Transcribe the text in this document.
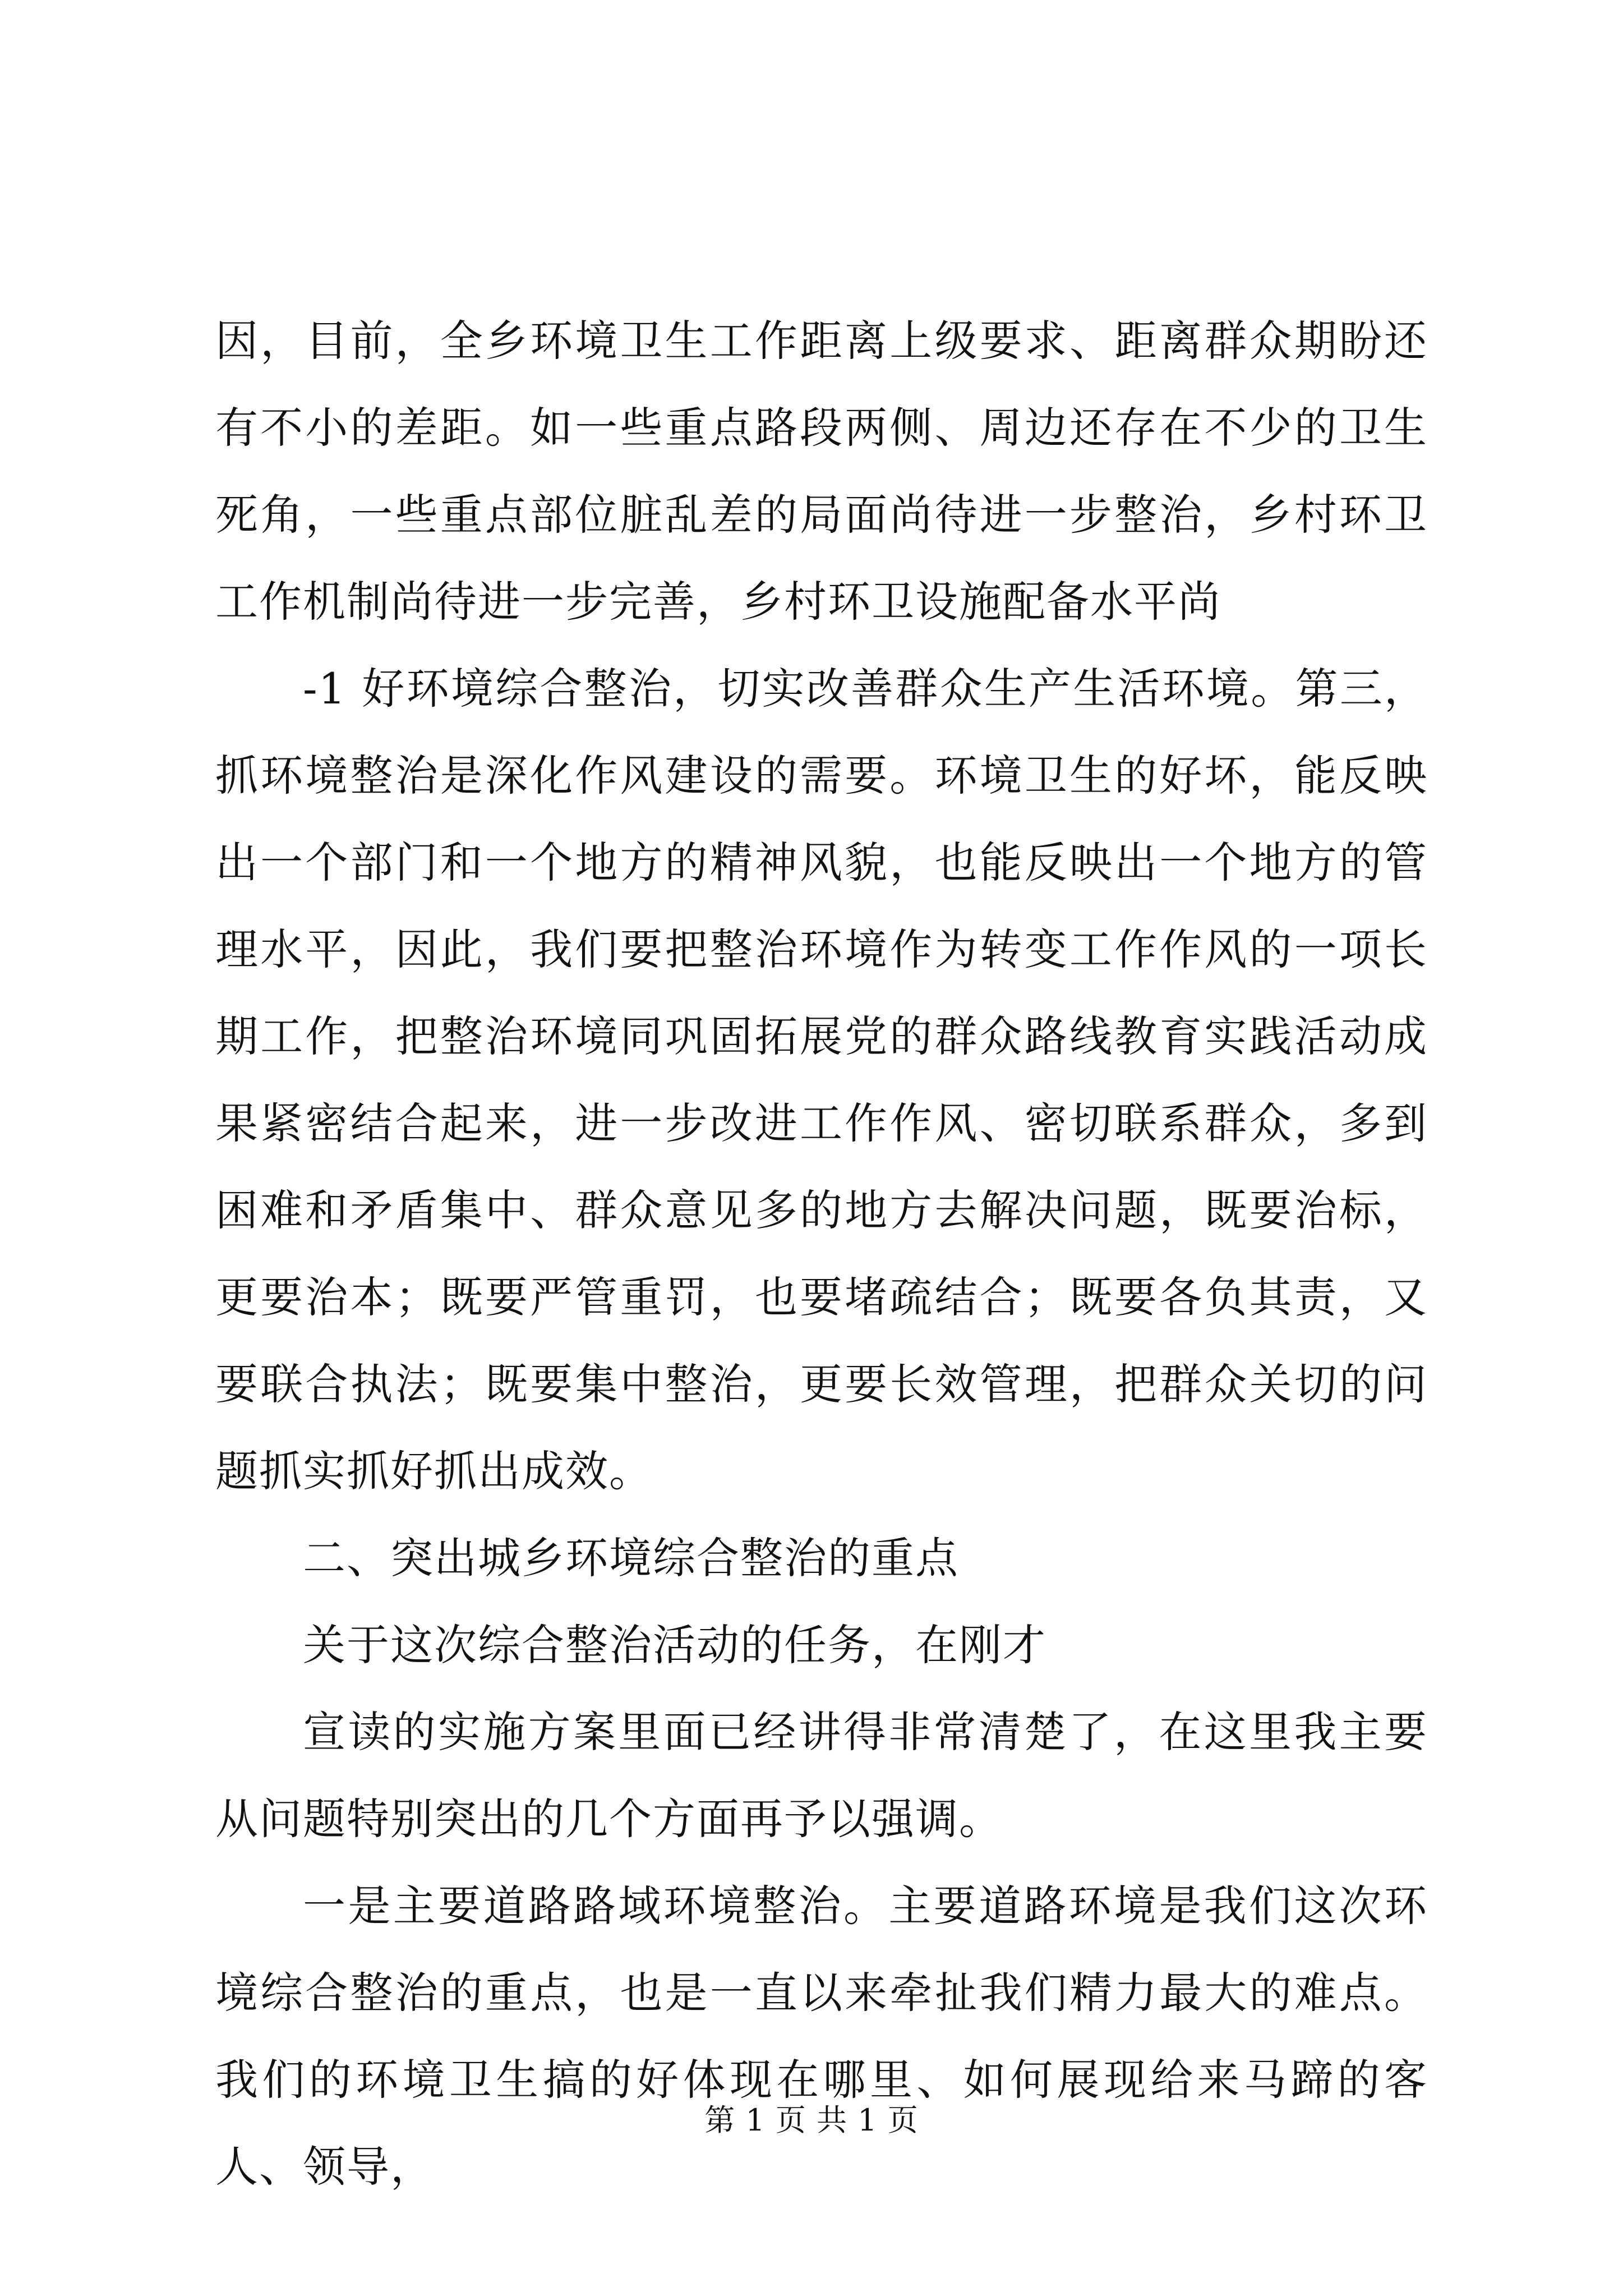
因，目前，全乡环境卫生工作距离上级要求、距离群众期盼还有不小的差距。如一些重点路段两侧、周边还存在不少的卫生死角，一些重点部位脏乱差的局面尚待进一步整治，乡村环卫工作机制尚待进一步完善，乡村环卫设施配备水平尚

-1 好环境综合整治，切实改善群众生产生活环境。第三，抓环境整治是深化作风建设的需要。环境卫生的好坏，能反映出一个部门和一个地方的精神风貌，也能反映出一个地方的管理水平，因此，我们要把整治环境作为转变工作作风的一项长期工作，把整治环境同巩固拓展党的群众路线教育实践活动成果紧密结合起来，进一步改进工作作风、密切联系群众，多到困难和矛盾集中、群众意见多的地方去解决问题，既要治标，更要治本；既要严管重罚，也要堵疏结合；既要各负其责，又要联合执法；既要集中整治，更要长效管理，把群众关切的问题抓实抓好抓出成效。

二、突出城乡环境综合整治的重点

关于这次综合整治活动的任务，在刚才

宣读的实施方案里面已经讲得非常清楚了，在这里我主要从问题特别突出的几个方面再予以强调。

一是主要道路路域环境整治。主要道路环境是我们这次环境综合整治的重点，也是一直以来牵扯我们精力最大的难点。我们的环境卫生搞的好体现在哪里、如何展现给来马蹄的客人、领导，

第 1 页 共 1 页
